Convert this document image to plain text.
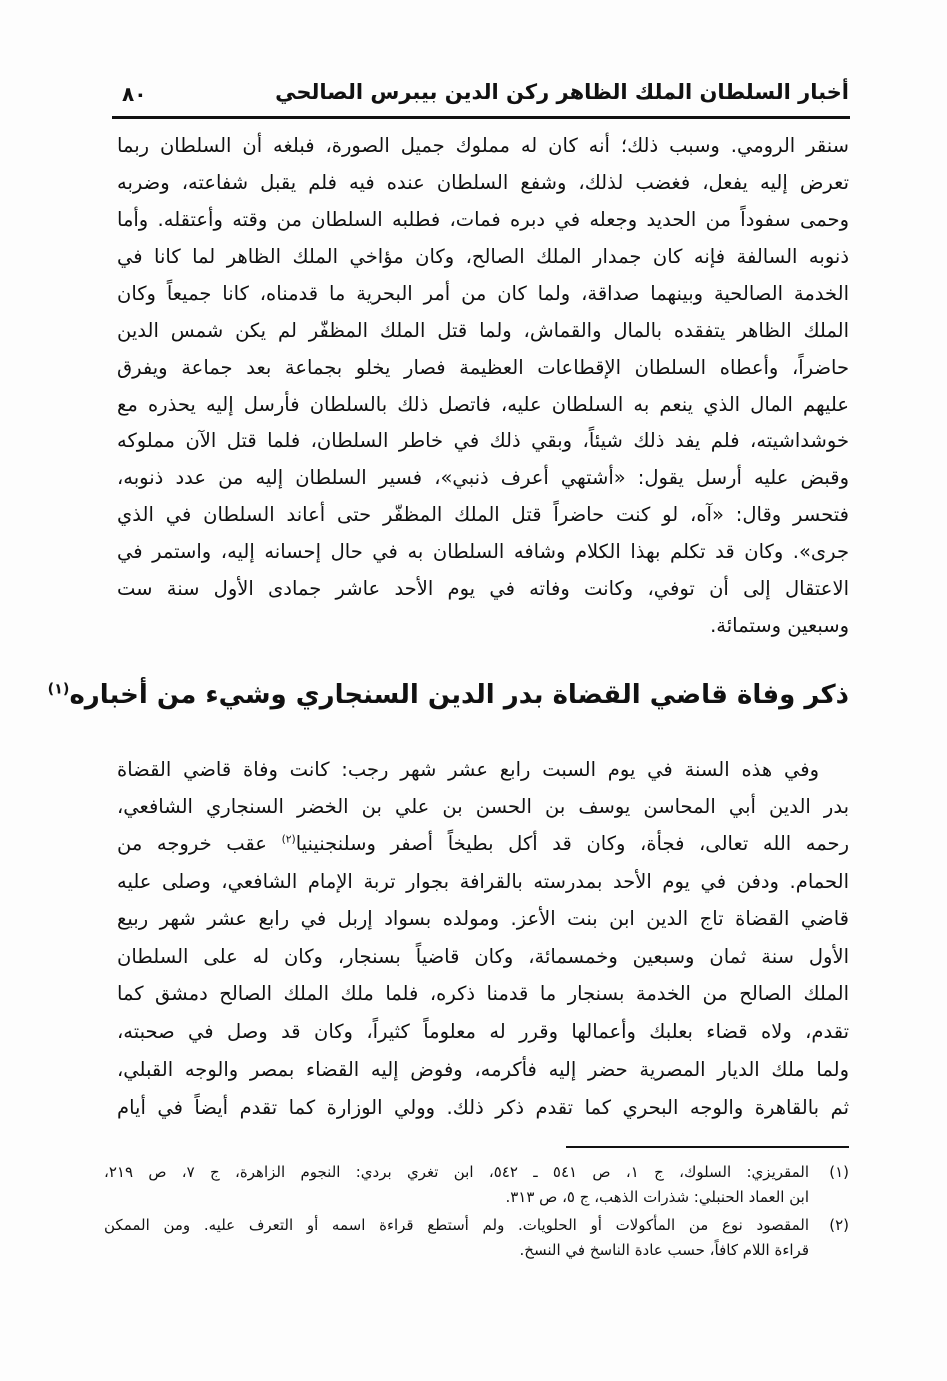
أخبار السلطان الملك الظاهر ركن الدين بيبرس الصالحي
٨٠
سنقر الرومي. وسبب ذلك؛ أنه كان له مملوك جميل الصورة، فبلغه أن السلطان ربما
تعرض إليه يفعل، فغضب لذلك، وشفع السلطان عنده فيه فلم يقبل شفاعته، وضربه
وحمى سفوداً من الحديد وجعله في دبره فمات، فطلبه السلطان من وقته وأعتقله. وأما
ذنوبه السالفة فإنه كان جمدار الملك الصالح، وكان مؤاخي الملك الظاهر لما كانا في
الخدمة الصالحية وبينهما صداقة، ولما كان من أمر البحرية ما قدمناه، كانا جميعاً وكان
الملك الظاهر يتفقده بالمال والقماش، ولما قتل الملك المظفّر لم يكن شمس الدين
حاضراً، وأعطاه السلطان الإقطاعات العظيمة فصار يخلو بجماعة بعد جماعة ويفرق
عليهم المال الذي ينعم به السلطان عليه، فاتصل ذلك بالسلطان فأرسل إليه يحذره مع
خوشداشيته، فلم يفد ذلك شيئاً، وبقي ذلك في خاطر السلطان، فلما قتل الآن مملوكه
وقبض عليه أرسل يقول: «أشتهي أعرف ذنبي»، فسير السلطان إليه من عدد ذنوبه،
فتحسر وقال: «آه، لو كنت حاضراً قتل الملك المظفّر حتى أعاند السلطان في الذي
جرى». وكان قد تكلم بهذا الكلام وشافه السلطان به في حال إحسانه إليه، واستمر في
الاعتقال إلى أن توفي، وكانت وفاته في يوم الأحد عاشر جمادى الأول سنة ست
وسبعين وستمائة.
ذكر وفاة قاضي القضاة بدر الدين السنجاري وشيء من أخباره$^{(١)}$
وفي هذه السنة في يوم السبت رابع عشر شهر رجب: كانت وفاة قاضي القضاة
بدر الدين أبي المحاسن يوسف بن الحسن بن علي بن الخضر السنجاري الشافعي،
رحمه الله تعالى، فجأة، وكان قد أكل بطيخاً أصفر وسلنجنينيا$^{(٢)}$ عقب خروجه من
الحمام. ودفن في يوم الأحد بمدرسته بالقرافة بجوار تربة الإمام الشافعي، وصلى عليه
قاضي القضاة تاج الدين ابن بنت الأعز. ومولده بسواد إربل في رابع عشر شهر ربيع
الأول سنة ثمان وسبعين وخمسمائة، وكان قاضياً بسنجار، وكان له على السلطان
الملك الصالح من الخدمة بسنجار ما قدمنا ذكره، فلما ملك الملك الصالح دمشق كما
تقدم، ولاه قضاء بعلبك وأعمالها وقرر له معلوماً كثيراً، وكان قد وصل في صحبته،
ولما ملك الديار المصرية حضر إليه فأكرمه، وفوض إليه القضاء بمصر والوجه القبلي،
ثم بالقاهرة والوجه البحري كما تقدم ذكر ذلك. وولي الوزارة كما تقدم أيضاً في أيام
(١)
المقريزي: السلوك، ج ١، ص ٥٤١ ـ ٥٤٢، ابن تغري بردي: النجوم الزاهرة، ج ٧، ص ٢١٩،
ابن العماد الحنبلي: شذرات الذهب، ج ٥، ص ٣١٣.
(٢)
المقصود نوع من المأكولات أو الحلويات. ولم أستطع قراءة اسمه أو التعرف عليه. ومن الممكن
قراءة اللام كافاً، حسب عادة الناسخ في النسخ.
